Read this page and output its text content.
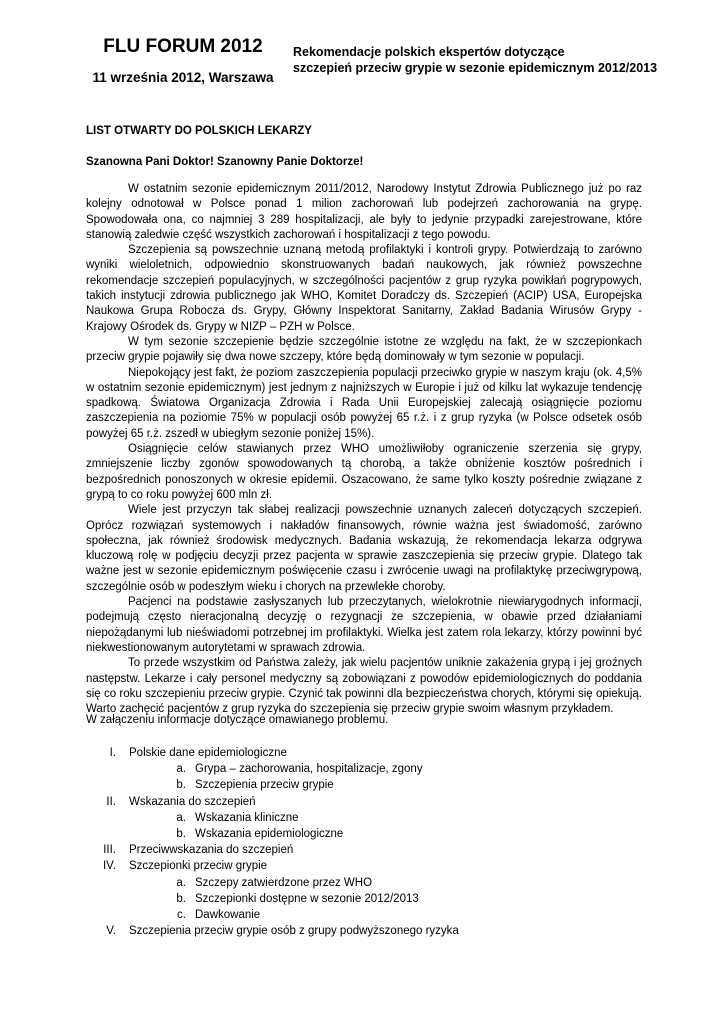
FLU FORUM 2012
11 września 2012, Warszawa
Rekomendacje polskich ekspertów dotyczące
szczepień przeciw grypie w sezonie epidemicznym 2012/2013
LIST OTWARTY DO POLSKICH LEKARZY
Szanowna Pani Doktor! Szanowny Panie Doktorze!

W ostatnim sezonie epidemicznym 2011/2012, Narodowy Instytut Zdrowia Publicznego już po raz kolejny odnotował w Polsce ponad 1 milion zachorowań lub podejrzeń zachorowania na grypę. Spowodowała ona, co najmniej 3 289 hospitalizacji, ale były to jedynie przypadki zarejestrowane, które stanowią zaledwie część wszystkich zachorowań i hospitalizacji z tego powodu.

Szczepienia są powszechnie uznaną metodą profilaktyki i kontroli grypy. Potwierdzają to zarówno wyniki wieloletnich, odpowiednio skonstruowanych badań naukowych, jak również powszechne rekomendacje szczepień populacyjnych, w szczególności pacjentów z grup ryzyka powikłań pogrypowych, takich instytucji zdrowia publicznego jak WHO, Komitet Doradczy ds. Szczepień (ACIP) USA, Europejska Naukowa Grupa Robocza ds. Grypy, Główny Inspektorat Sanitarny, Zakład Badania Wirusów Grypy - Krajowy Ośrodek ds. Grypy w NIZP – PZH w Polsce.

W tym sezonie szczepienie będzie szczególnie istotne ze względu na fakt, że w szczepionkach przeciw grypie pojawiły się dwa nowe szczepy, które będą dominowały w tym sezonie w populacji.

Niepokojący jest fakt, że poziom zaszczepienia populacji przeciwko grypie w naszym kraju (ok. 4,5% w ostatnim sezonie epidemicznym) jest jednym z najniższych w Europie i już od kilku lat wykazuje tendencję spadkową. Światowa Organizacja Zdrowia i Rada Unii Europejskiej zalecają osiągnięcie poziomu zaszczepienia na poziomie 75% w populacji osób powyżej 65 r.ż. i z grup ryzyka (w Polsce odsetek osób powyżej 65 r.ż. zszedł w ubiegłym sezonie poniżej 15%).

Osiągnięcie celów stawianych przez WHO umożliwiłoby ograniczenie szerzenia się grypy, zmniejszenie liczby zgonów spowodowanych tą chorobą, a także obniżenie kosztów pośrednich i bezpośrednich ponoszonych w okresie epidemii. Oszacowano, że same tylko koszty pośrednie związane z grypą to co roku powyżej 600 mln zł.

Wiele jest przyczyn tak słabej realizacji powszechnie uznanych zaleceń dotyczących szczepień. Oprócz rozwiązań systemowych i nakładów finansowych, równie ważna jest świadomość, zarówno społeczna, jak również środowisk medycznych. Badania wskazują, że rekomendacja lekarza odgrywa kluczową rolę w podjęciu decyzji przez pacjenta w sprawie zaszczepienia się przeciw grypie. Dlatego tak ważne jest w sezonie epidemicznym poświęcenie czasu i zwrócenie uwagi na profilaktykę przeciwgrypową, szczególnie osób w podeszłym wieku i chorych na przewlekłe choroby.

Pacjenci na podstawie zasłyszanych lub przeczytanych, wielokrotnie niewiarygodnych informacji, podejmują często nieracjonalną decyzję o rezygnacji ze szczepienia, w obawie przed działaniami niepożądanymi lub nieświadomi potrzebnej im profilaktyki. Wielka jest zatem rola lekarzy, którzy powinni być niekwestionowanym autorytetami w sprawach zdrowia.

To przede wszystkim od Państwa zależy, jak wielu pacjentów uniknie zakażenia grypą i jej groźnych następstw. Lekarze i cały personel medyczny są zobowiązani z powodów epidemiologicznych do poddania się co roku szczepieniu przeciw grypie. Czynić tak powinni dla bezpieczeństwa chorych, którymi się opiekują. Warto zachęcić pacjentów z grup ryzyka do szczepienia się przeciw grypie swoim własnym przykładem.

W załączeniu informacje dotyczące omawianego problemu.
I. Polskie dane epidemiologiczne
a. Grypa – zachorowania, hospitalizacje, zgony
b. Szczepienia przeciw grypie
II. Wskazania do szczepień
a. Wskazania kliniczne
b. Wskazania epidemiologiczne
III. Przeciwwskazania do szczepień
IV. Szczepionki przeciw grypie
a. Szczepy zatwierdzone przez WHO
b. Szczepionki dostępne w sezonie 2012/2013
c. Dawkowanie
V. Szczepienia przeciw grypie osób z grupy podwyższonego ryzyka
